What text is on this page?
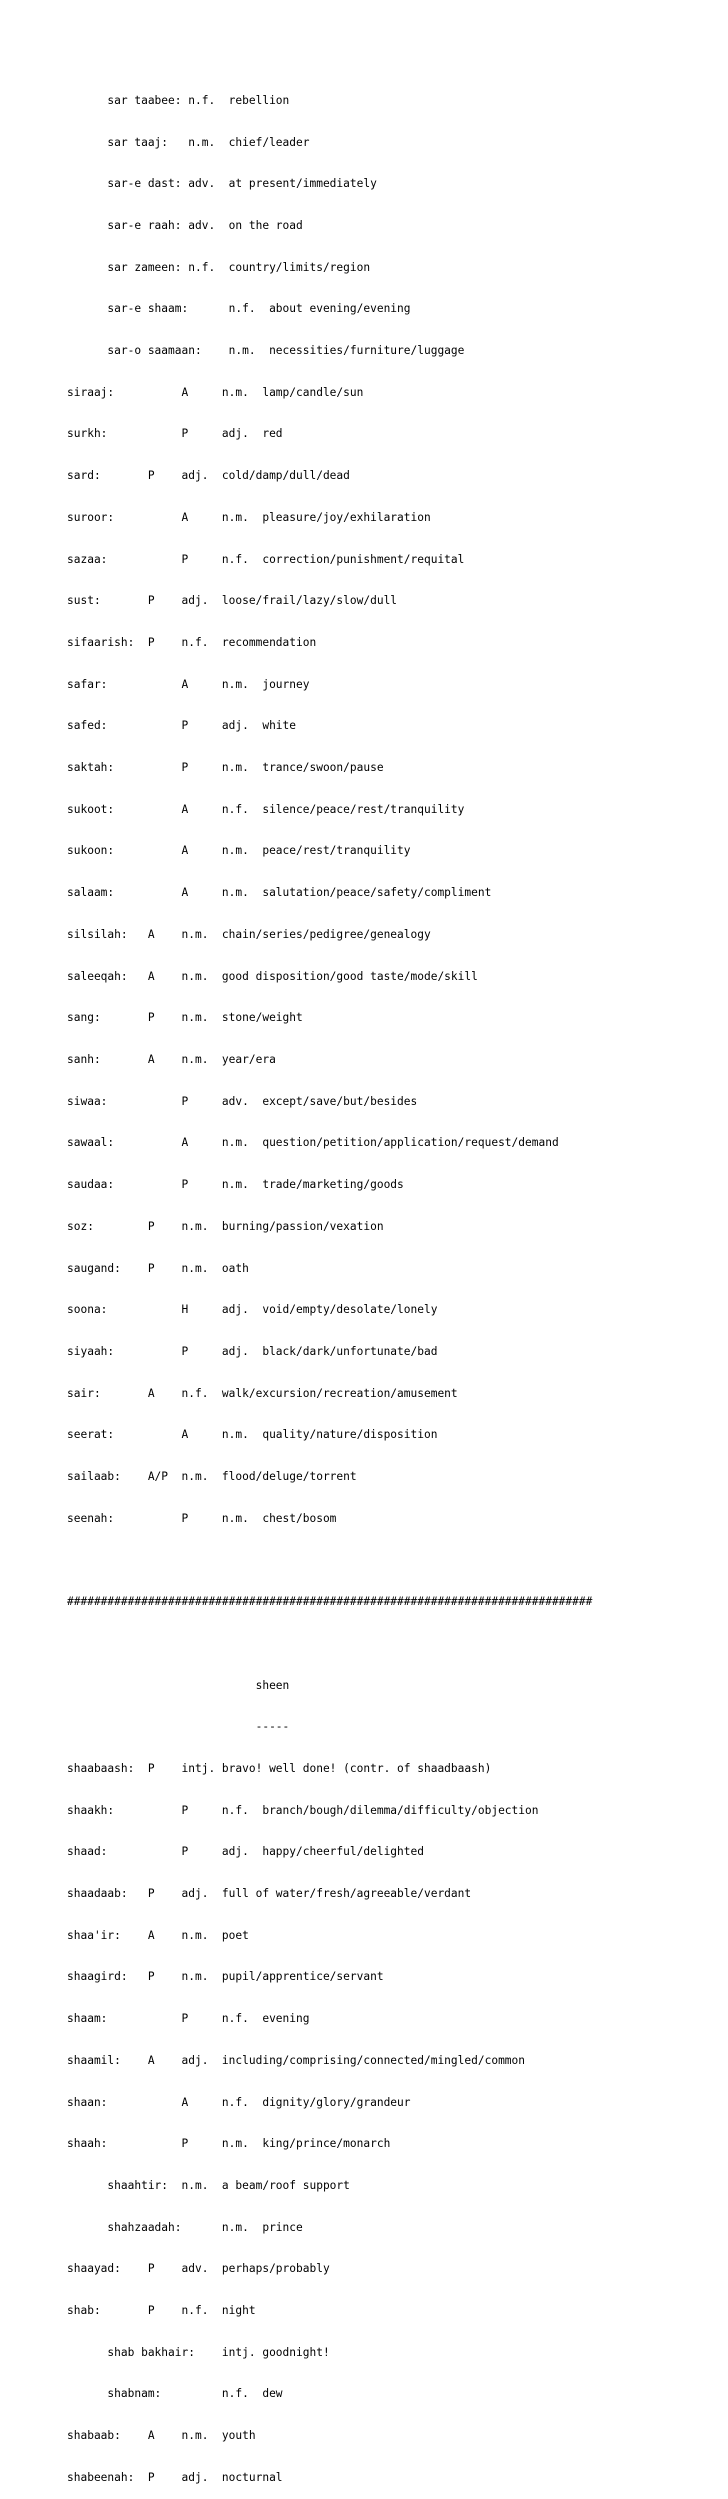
sar taabee: n.f.  rebellion

sar taaj:   n.m.  chief/leader

sar-e dast: adv.  at present/immediately

sar-e raah: adv.  on the road

sar zameen: n.f.  country/limits/region

sar-e shaam:      n.f.  about evening/evening

sar-o saamaan:    n.m.  necessities/furniture/luggage

siraaj:          A     n.m.  lamp/candle/sun

surkh:           P     adj.  red

sard:       P    adj.  cold/damp/dull/dead

suroor:          A     n.m.  pleasure/joy/exhilaration

sazaa:           P     n.f.  correction/punishment/requital

sust:       P    adj.  loose/frail/lazy/slow/dull

sifaarish:  P    n.f.  recommendation

safar:           A     n.m.  journey

safed:           P     adj.  white

saktah:          P     n.m.  trance/swoon/pause

sukoot:          A     n.f.  silence/peace/rest/tranquility

sukoon:          A     n.m.  peace/rest/tranquility

salaam:          A     n.m.  salutation/peace/safety/compliment

silsilah:   A    n.m.  chain/series/pedigree/genealogy

saleeqah:   A    n.m.  good disposition/good taste/mode/skill

sang:       P    n.m.  stone/weight

sanh:       A    n.m.  year/era

siwaa:           P     adv.  except/save/but/besides

sawaal:          A     n.m.  question/petition/application/request/demand

saudaa:          P     n.m.  trade/marketing/goods

soz:        P    n.m.  burning/passion/vexation

saugand:    P    n.m.  oath

soona:           H     adj.  void/empty/desolate/lonely

siyaah:          P     adj.  black/dark/unfortunate/bad

sair:       A    n.f.  walk/excursion/recreation/amusement

seerat:          A     n.m.  quality/nature/disposition

sailaab:    A/P  n.m.  flood/deluge/torrent

seenah:          P     n.m.  chest/bosom

##############################################################################

sheen

-----

shaabaash:  P    intj. bravo! well done! (contr. of shaadbaash)

shaakh:          P     n.f.  branch/bough/dilemma/difficulty/objection

shaad:           P     adj.  happy/cheerful/delighted

shaadaab:   P    adj.  full of water/fresh/agreeable/verdant

shaa'ir:    A    n.m.  poet

shaagird:   P    n.m.  pupil/apprentice/servant

shaam:           P     n.f.  evening

shaamil:    A    adj.  including/comprising/connected/mingled/common

shaan:           A     n.f.  dignity/glory/grandeur

shaah:           P     n.m.  king/prince/monarch

shaahtir:  n.m.  a beam/roof support

shahzaadah:      n.m.  prince

shaayad:    P    adv.  perhaps/probably

shab:       P    n.f.  night

shab bakhair:    intj. goodnight!

shabnam:         n.f.  dew

shabaab:    A    n.m.  youth

shabeenah:  P    adj.  nocturnal
